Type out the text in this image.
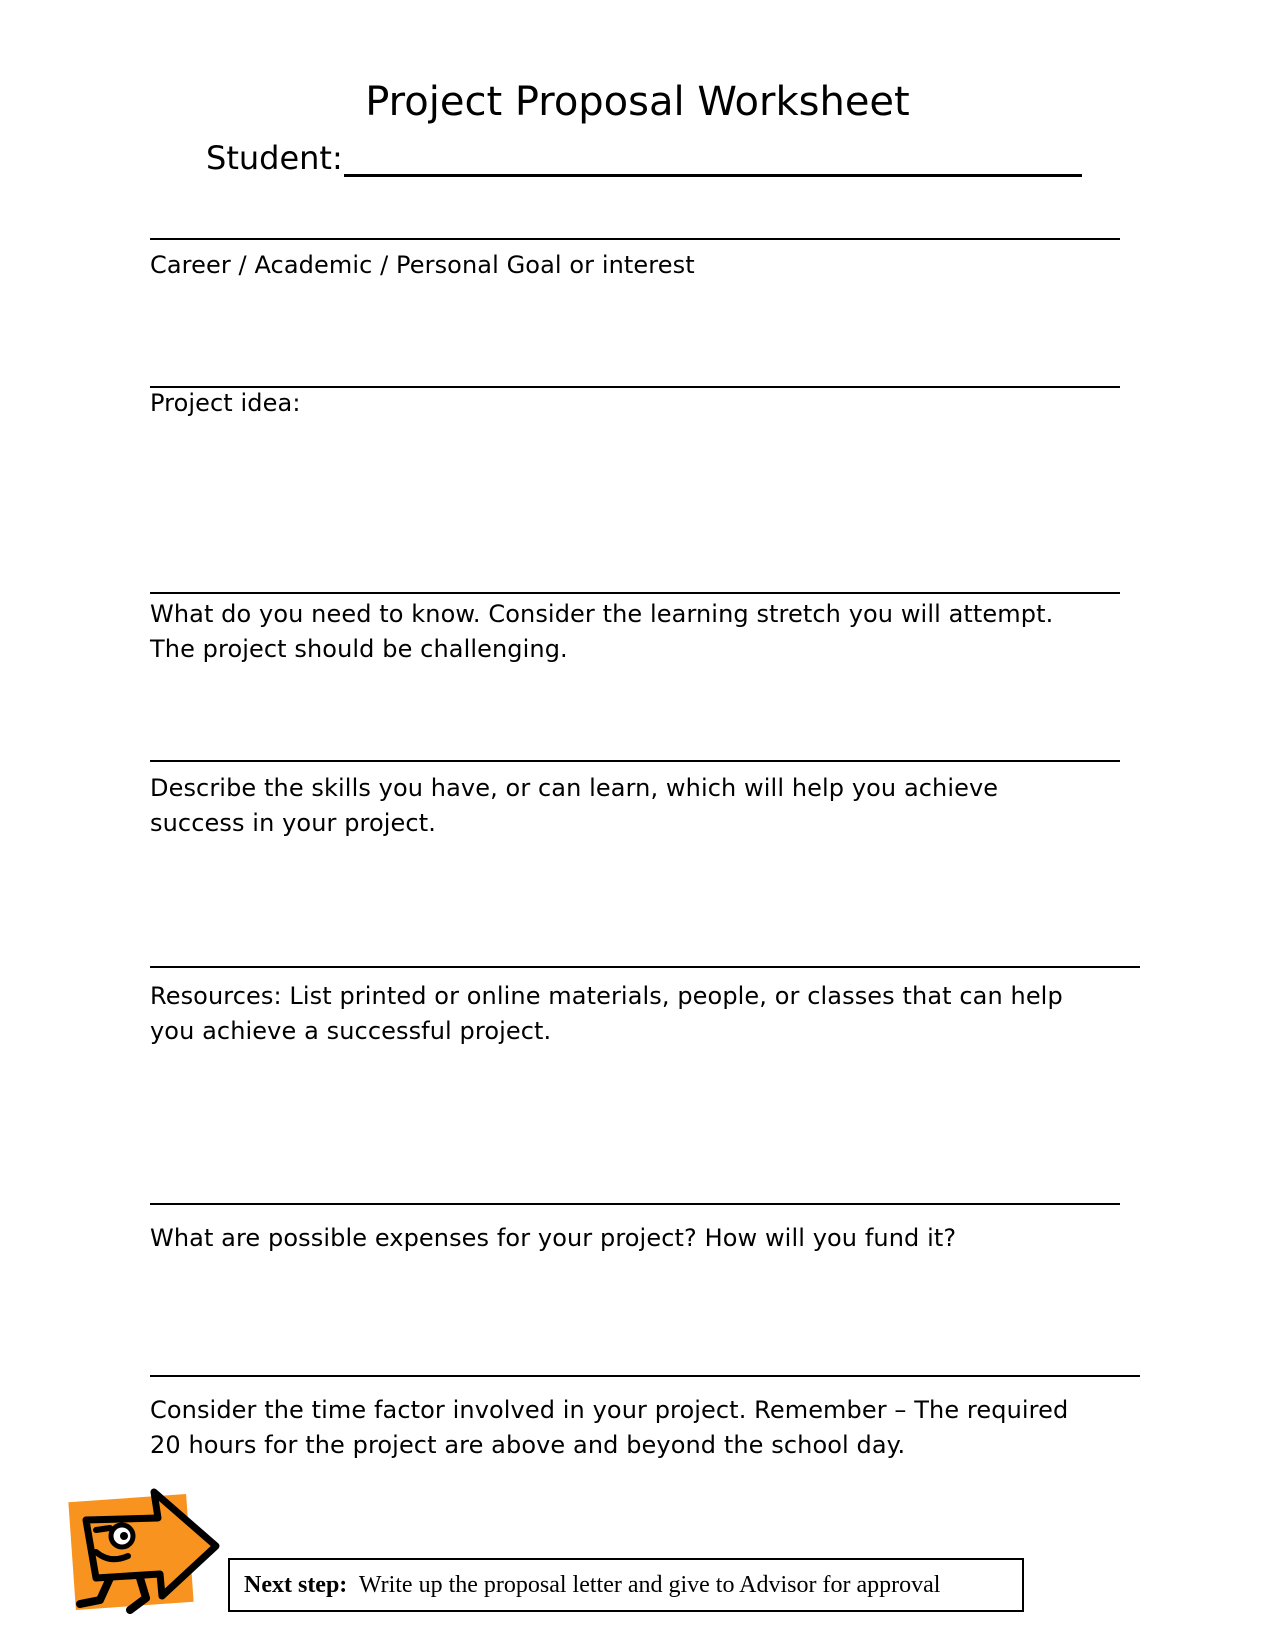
Project Proposal Worksheet
Student:
Career / Academic / Personal Goal or interest
Project idea:
What do you need to know. Consider the learning stretch you will attempt. The project should be challenging.
Describe the skills you have, or can learn, which will help you achieve success in your project.
Resources: List printed or online materials, people, or classes that can help you achieve a successful project.
What are possible expenses for your project? How will you fund it?
Consider the time factor involved in your project. Remember – The required 20 hours for the project are above and beyond the school day.
Next step: Write up the proposal letter and give to Advisor for approval
